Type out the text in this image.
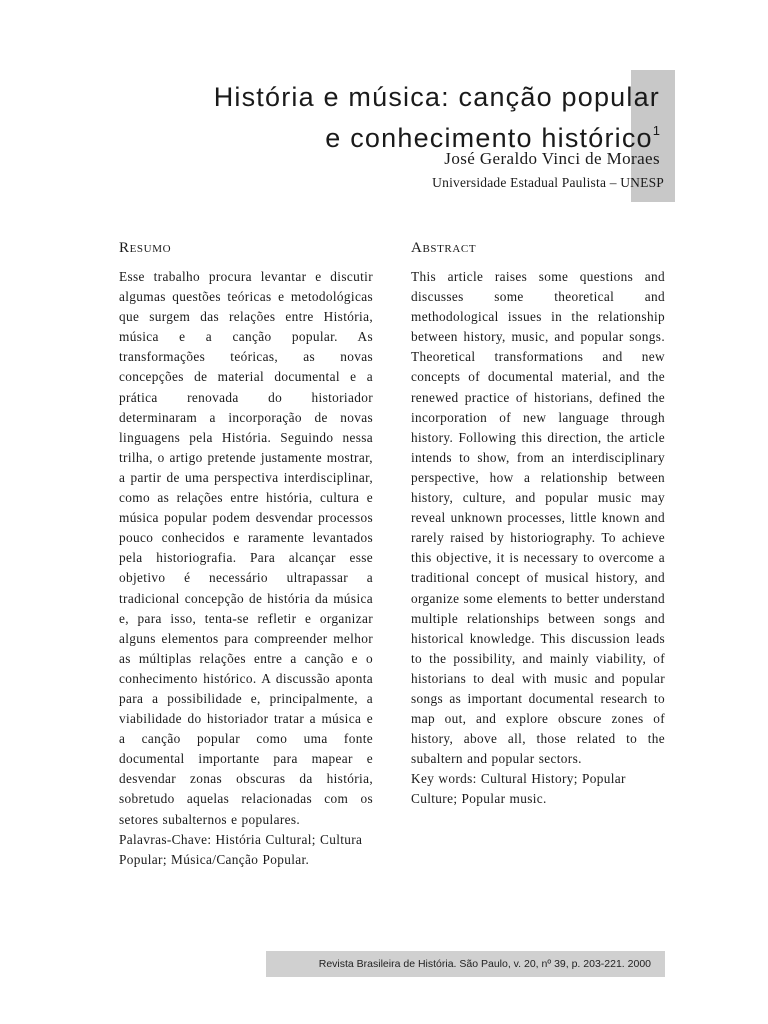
História e música: canção popular
e conhecimento histórico$^1$
José Geraldo Vinci de Moraes
Universidade Estadual Paulista – UNESP
RESUMO

Esse trabalho procura levantar e discutir algumas questões teóricas e metodológicas que surgem das relações entre História, música e a canção popular. As transformações teóricas, as novas concepções de material documental e a prática renovada do historiador determinaram a incorporação de novas linguagens pela História. Seguindo nessa trilha, o artigo pretende justamente mostrar, a partir de uma perspectiva interdisciplinar, como as relações entre história, cultura e música popular podem desvendar processos pouco conhecidos e raramente levantados pela historiografia. Para alcançar esse objetivo é necessário ultrapassar a tradicional concepção de história da música e, para isso, tenta-se refletir e organizar alguns elementos para compreender melhor as múltiplas relações entre a canção e o conhecimento histórico. A discussão aponta para a possibilidade e, principalmente, a viabilidade do historiador tratar a música e a canção popular como uma fonte documental importante para mapear e desvendar zonas obscuras da história, sobretudo aquelas relacionadas com os setores subalternos e populares.

Palavras-Chave: História Cultural; Cultura Popular; Música/Canção Popular.

ABSTRACT

This article raises some questions and discusses some theoretical and methodological issues in the relationship between history, music, and popular songs. Theoretical transformations and new concepts of documental material, and the renewed practice of historians, defined the incorporation of new language through history. Following this direction, the article intends to show, from an interdisciplinary perspective, how a relationship between history, culture, and popular music may reveal unknown processes, little known and rarely raised by historiography. To achieve this objective, it is necessary to overcome a traditional concept of musical history, and organize some elements to better understand multiple relationships between songs and historical knowledge. This discussion leads to the possibility, and mainly viability, of historians to deal with music and popular songs as important documental research to map out, and explore obscure zones of history, above all, those related to the subaltern and popular sectors.

Key words: Cultural History; Popular Culture; Popular music.

Revista Brasileira de História. São Paulo, v. 20, nº 39, p. 203-221. 2000
